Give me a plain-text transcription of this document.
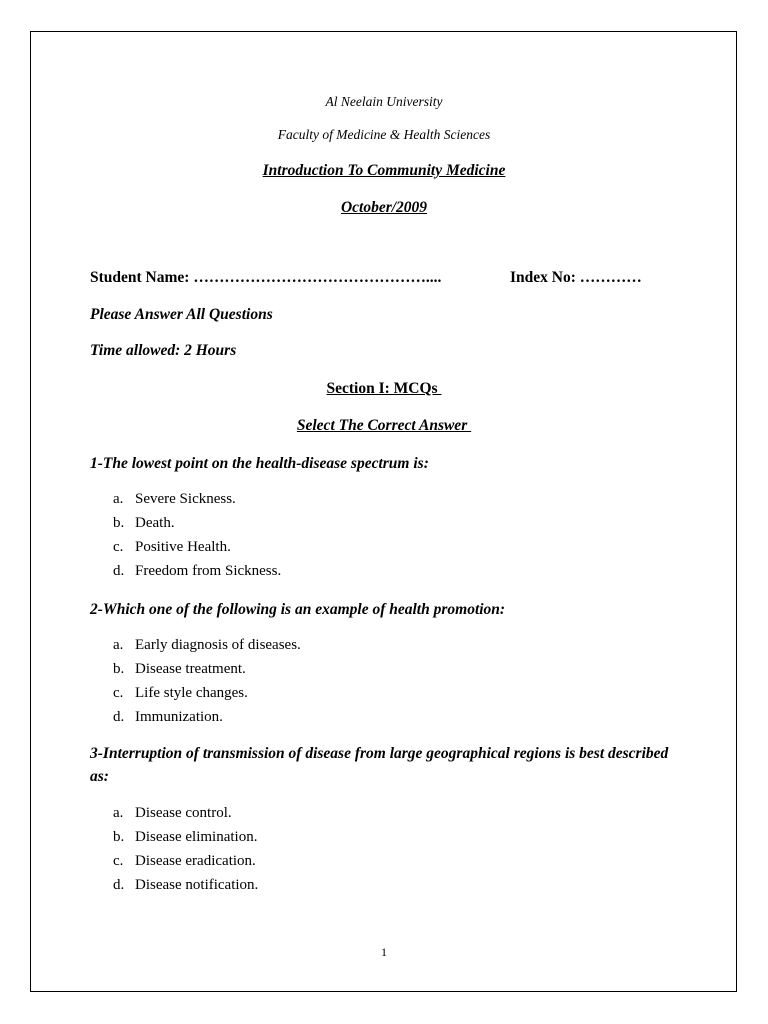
Al Neelain University
Faculty of Medicine & Health Sciences
Introduction To Community Medicine
October/2009
Student Name: ………………………………………....	Index No: …………
Please Answer All Questions
Time allowed: 2 Hours
Section I: MCQs
Select The Correct Answer
1-The lowest point on the health-disease spectrum is:
a. Severe Sickness.
b. Death.
c. Positive Health.
d. Freedom from Sickness.
2-Which one of the following is an example of health promotion:
a. Early diagnosis of diseases.
b. Disease treatment.
c. Life style changes.
d. Immunization.
3-Interruption of transmission of disease from large geographical regions is best described as:
a. Disease control.
b. Disease elimination.
c. Disease eradication.
d. Disease notification.
1
